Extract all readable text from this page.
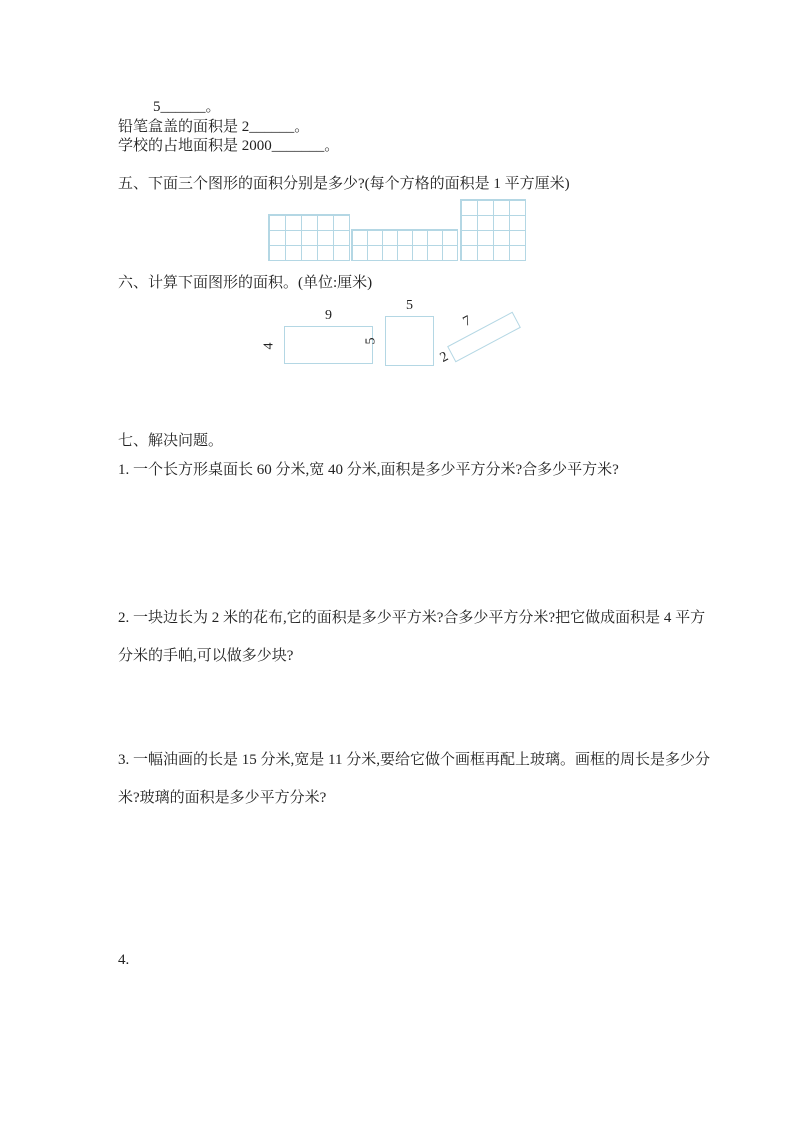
5______。
铅笔盒盖的面积是 2______。
学校的占地面积是 2000_______。
五、下面三个图形的面积分别是多少?(每个方格的面积是 1 平方厘米)
六、计算下面图形的面积。(单位:厘米)
9
4
5
5
7
2
七、解决问题。
1. 一个长方形桌面长 60 分米,宽 40 分米,面积是多少平方分米?合多少平方米?
2. 一块边长为 2 米的花布,它的面积是多少平方米?合多少平方分米?把它做成面积是 4 平方
分米的手帕,可以做多少块?
3. 一幅油画的长是 15 分米,宽是 11 分米,要给它做个画框再配上玻璃。画框的周长是多少分
米?玻璃的面积是多少平方分米?
4.
